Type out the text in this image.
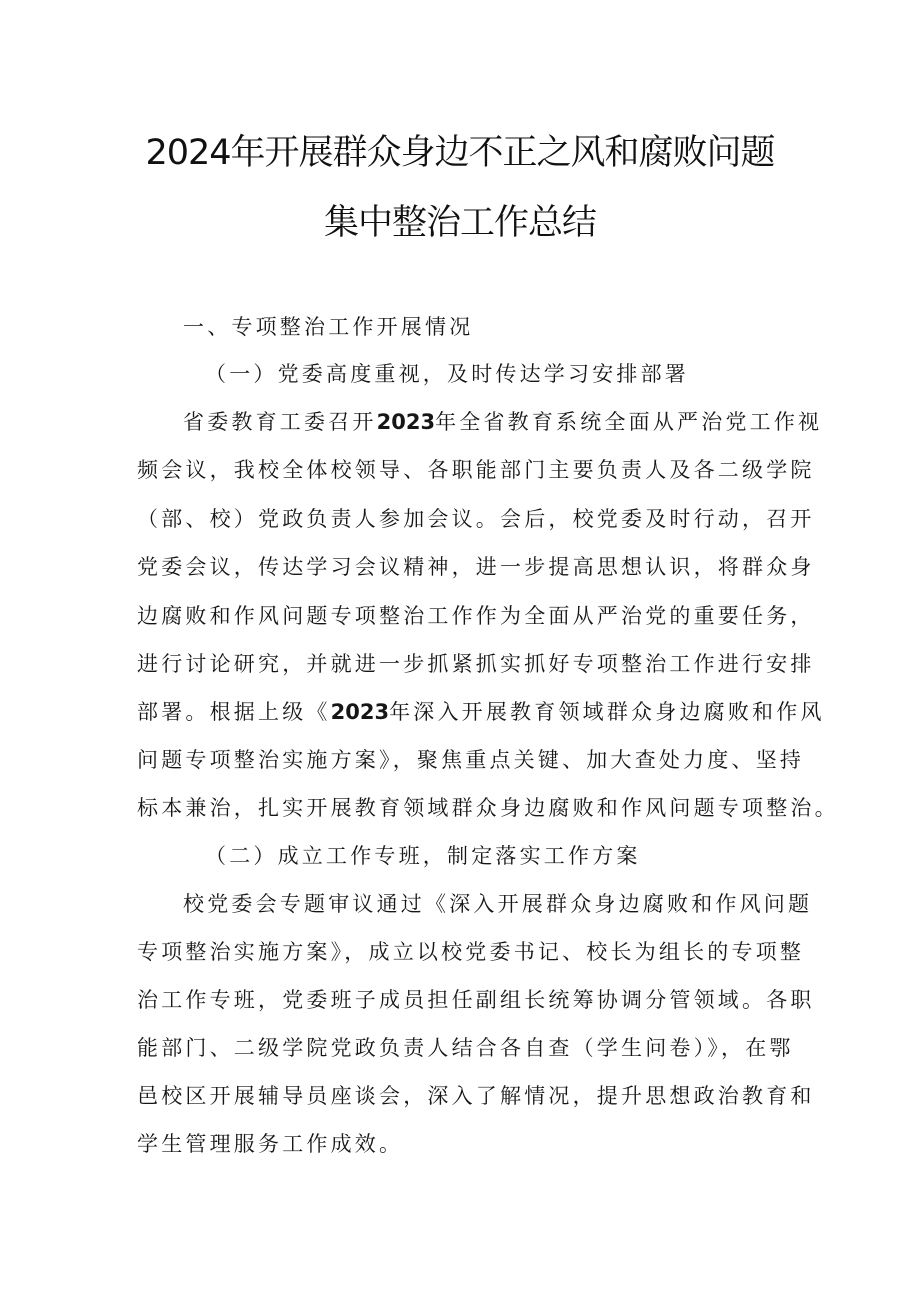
2024年开展群众身边不正之风和腐败问题
集中整治工作总结
一、专项整治工作开展情况
（一）党委高度重视，及时传达学习安排部署
省委教育工委召开2023年全省教育系统全面从严治党工作视
频会议，我校全体校领导、各职能部门主要负责人及各二级学院
（部、校）党政负责人参加会议。会后，校党委及时行动，召开
党委会议，传达学习会议精神，进一步提高思想认识，将群众身
边腐败和作风问题专项整治工作作为全面从严治党的重要任务，
进行讨论研究，并就进一步抓紧抓实抓好专项整治工作进行安排
部署。根据上级《2023年深入开展教育领域群众身边腐败和作风
问题专项整治实施方案》，聚焦重点关键、加大查处力度、坚持
标本兼治，扎实开展教育领域群众身边腐败和作风问题专项整治。
（二）成立工作专班，制定落实工作方案
校党委会专题审议通过《深入开展群众身边腐败和作风问题
专项整治实施方案》，成立以校党委书记、校长为组长的专项整
治工作专班，党委班子成员担任副组长统筹协调分管领域。各职
能部门、二级学院党政负责人结合各自查（学生问卷）》，在鄂
邑校区开展辅导员座谈会，深入了解情况，提升思想政治教育和
学生管理服务工作成效。
